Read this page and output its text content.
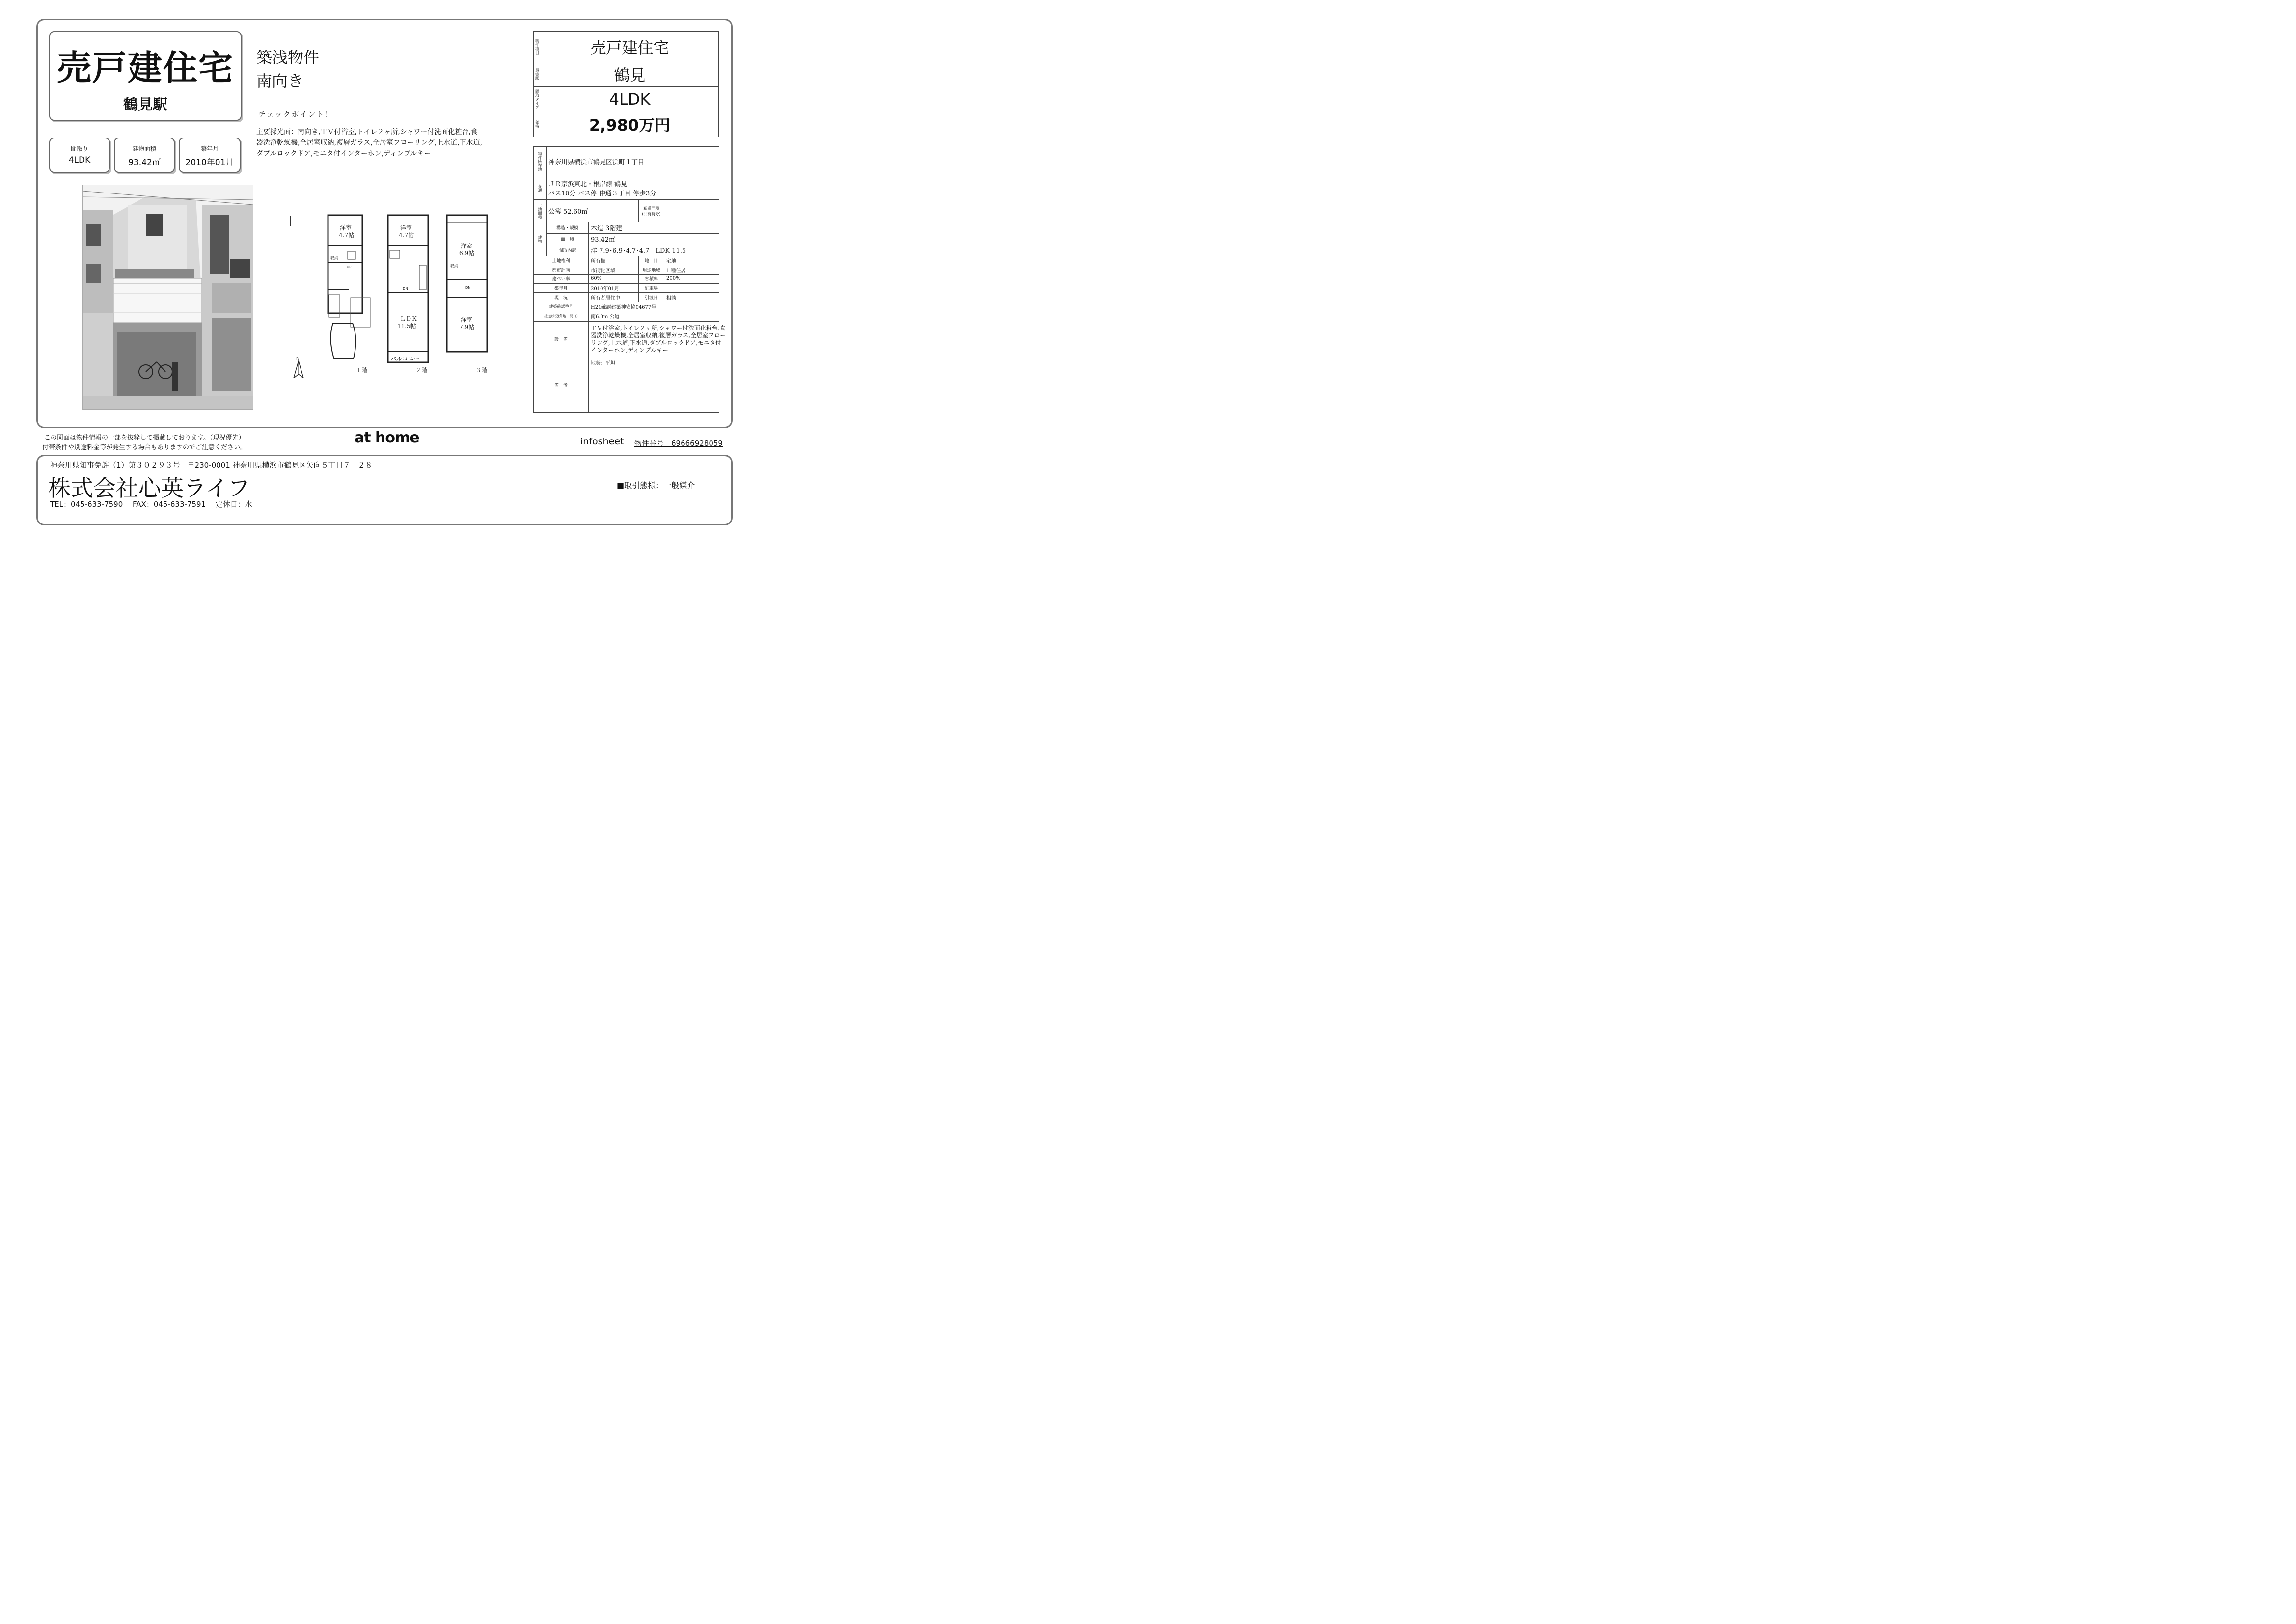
売戸建住宅
鶴見駅
築浅物件
南向き
間取り
4LDK
建物面積
93.42㎡
築年月
2010年01月
チェックポイント！
主要採光面：南向き,ＴＶ付浴室,トイレ２ヶ所,シャワー付洗面化粧台,食
器洗浄乾燥機,全居室収納,複層ガラス,全居室フローリング,上水道,下水道,
ダブルロックドア,モニタ付インターホン,ディンプルキー
洋室
4.7帖
洋室
4.7帖
ＬＤＫ
11.5帖
バルコニー
洋室
6.9帖
洋室
7.9帖
１階	２階	３階
N
収納
収納
UP
DN	DN
物件種目	売戸建住宅
最寄駅	鶴見
間取タイプ	4LDK
価格	2,980万円
物件所在地	神奈川県横浜市鶴見区浜町１丁目			
交通	ＪＲ京浜東北・根岸線 鶴見
バス10分 バス停 仲通３丁目 停歩3分			

土地面積	公簿 52.60㎡		私道面積(共有持分)	
建物	構造・規模	木造 3階建		
	面　積	93.42㎡		
	間取内訳	洋 7.9･6.9･4.7･4.7　LDK 11.5		
土地権利		所有権	地　目	宅地
都市計画		市街化区域	用途地域	1 種住居
建ぺい率		60%	容積率	200%
築年月		2010年01月	駐車場	
現　況		所有者居住中	引渡日	相談
建築確認番号		H21確認建築神安協04677号		
接道状況(角地・間口)		南6.0m 公道		
設　備		ＴＶ付浴室,トイレ２ヶ所,シャワー付洗面化粧台,食
器洗浄乾燥機,全居室収納,複層ガラス,全居室フロー
リング,上水道,下水道,ダブルロックドア,モニタ付
インターホン,ディンプルキー		

備　考		地勢：平坦		
この図面は物件情報の一部を抜粋して掲載しております。（現況優先）
付帯条件や別途料金等が発生する場合もありますのでご注意ください。
at home	infosheet 物件番号　69666928059
神奈川県知事免許（1）第３０２９３号　〒230-0001 神奈川県横浜市鶴見区矢向５丁目７－２８
株式会社心英ライフ
TEL：045-633-7590　 FAX：045-633-7591　 定休日：水
■取引態様：一般媒介
